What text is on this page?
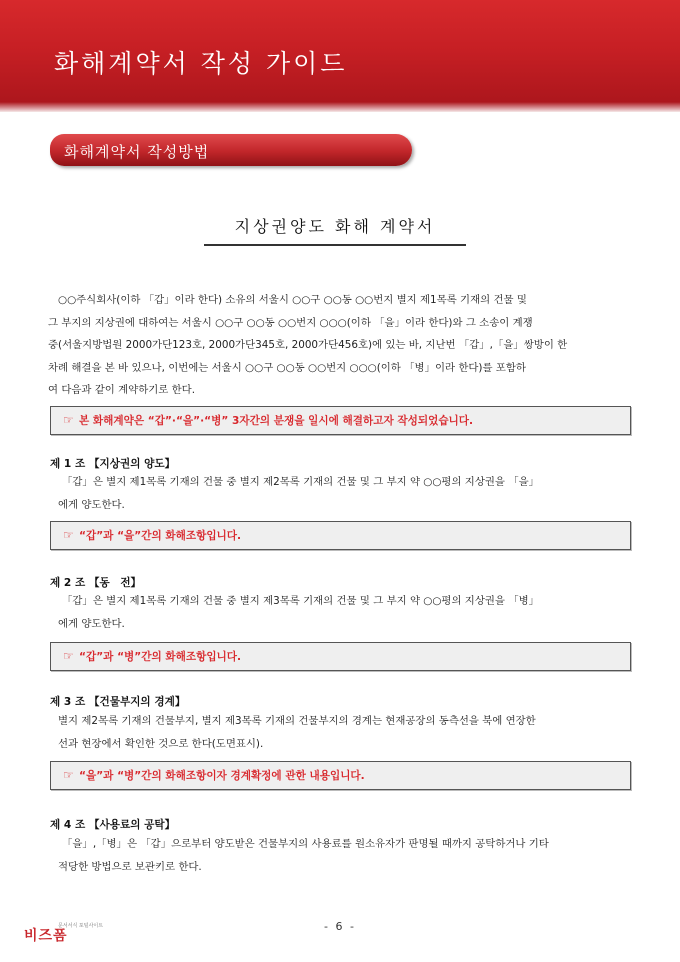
화해계약서 작성 가이드
화해계약서 작성방법
지상권양도 화해 계약서
○○주식회사(이하 「갑」이라 한다) 소유의 서울시 ○○구 ○○동 ○○번지 별지 제1목록 기재의 건물 및
그 부지의 지상권에 대하여는 서울시 ○○구 ○○동 ○○번지 ○○○(이하 「을」이라 한다)와 그 소송이 계쟁
중(서울지방법원 2000가단123호, 2000가단345호, 2000가단456호)에 있는 바, 지난번 「갑」,「을」쌍방이 한
차례 해결을 본 바 있으나, 이번에는 서울시 ○○구 ○○동 ○○번지 ○○○(이하 「병」이라 한다)를 포함하
여 다음과 같이 계약하기로 한다.
☞ 본 화해계약은 “갑”·“을”·“병” 3자간의 분쟁을 일시에 해결하고자 작성되었습니다.
제 1 조 【지상권의 양도】
「갑」은 별지 제1목록 기재의 건물 중 별지 제2목록 기재의 건물 및 그 부지 약 ○○평의 지상권을 「을」
에게 양도한다.
☞ “갑”과 “을”간의 화해조항입니다.
제 2 조 【동　전】
「갑」은 별지 제1목록 기재의 건물 중 별지 제3목록 기재의 건물 및 그 부지 약 ○○평의 지상권을 「병」
에게 양도한다.
☞ “갑”과 “병”간의 화해조항입니다.
제 3 조 【건물부지의 경계】
별지 제2목록 기재의 건물부지, 별지 제3목록 기재의 건물부지의 경계는 현재공장의 동측선을 북에 연장한
선과 현장에서 확인한 것으로 한다(도면표시).
☞ “을”과 “병”간의 화해조항이자 경계확정에 관한 내용입니다.
제 4 조 【사용료의 공탁】
「을」,「병」은 「갑」으로부터 양도받은 건물부지의 사용료를 원소유자가 판명될 때까지 공탁하거나 기타
적당한 방법으로 보관키로 한다.
비즈폼
문서서식 포털사이트	- 6 -
